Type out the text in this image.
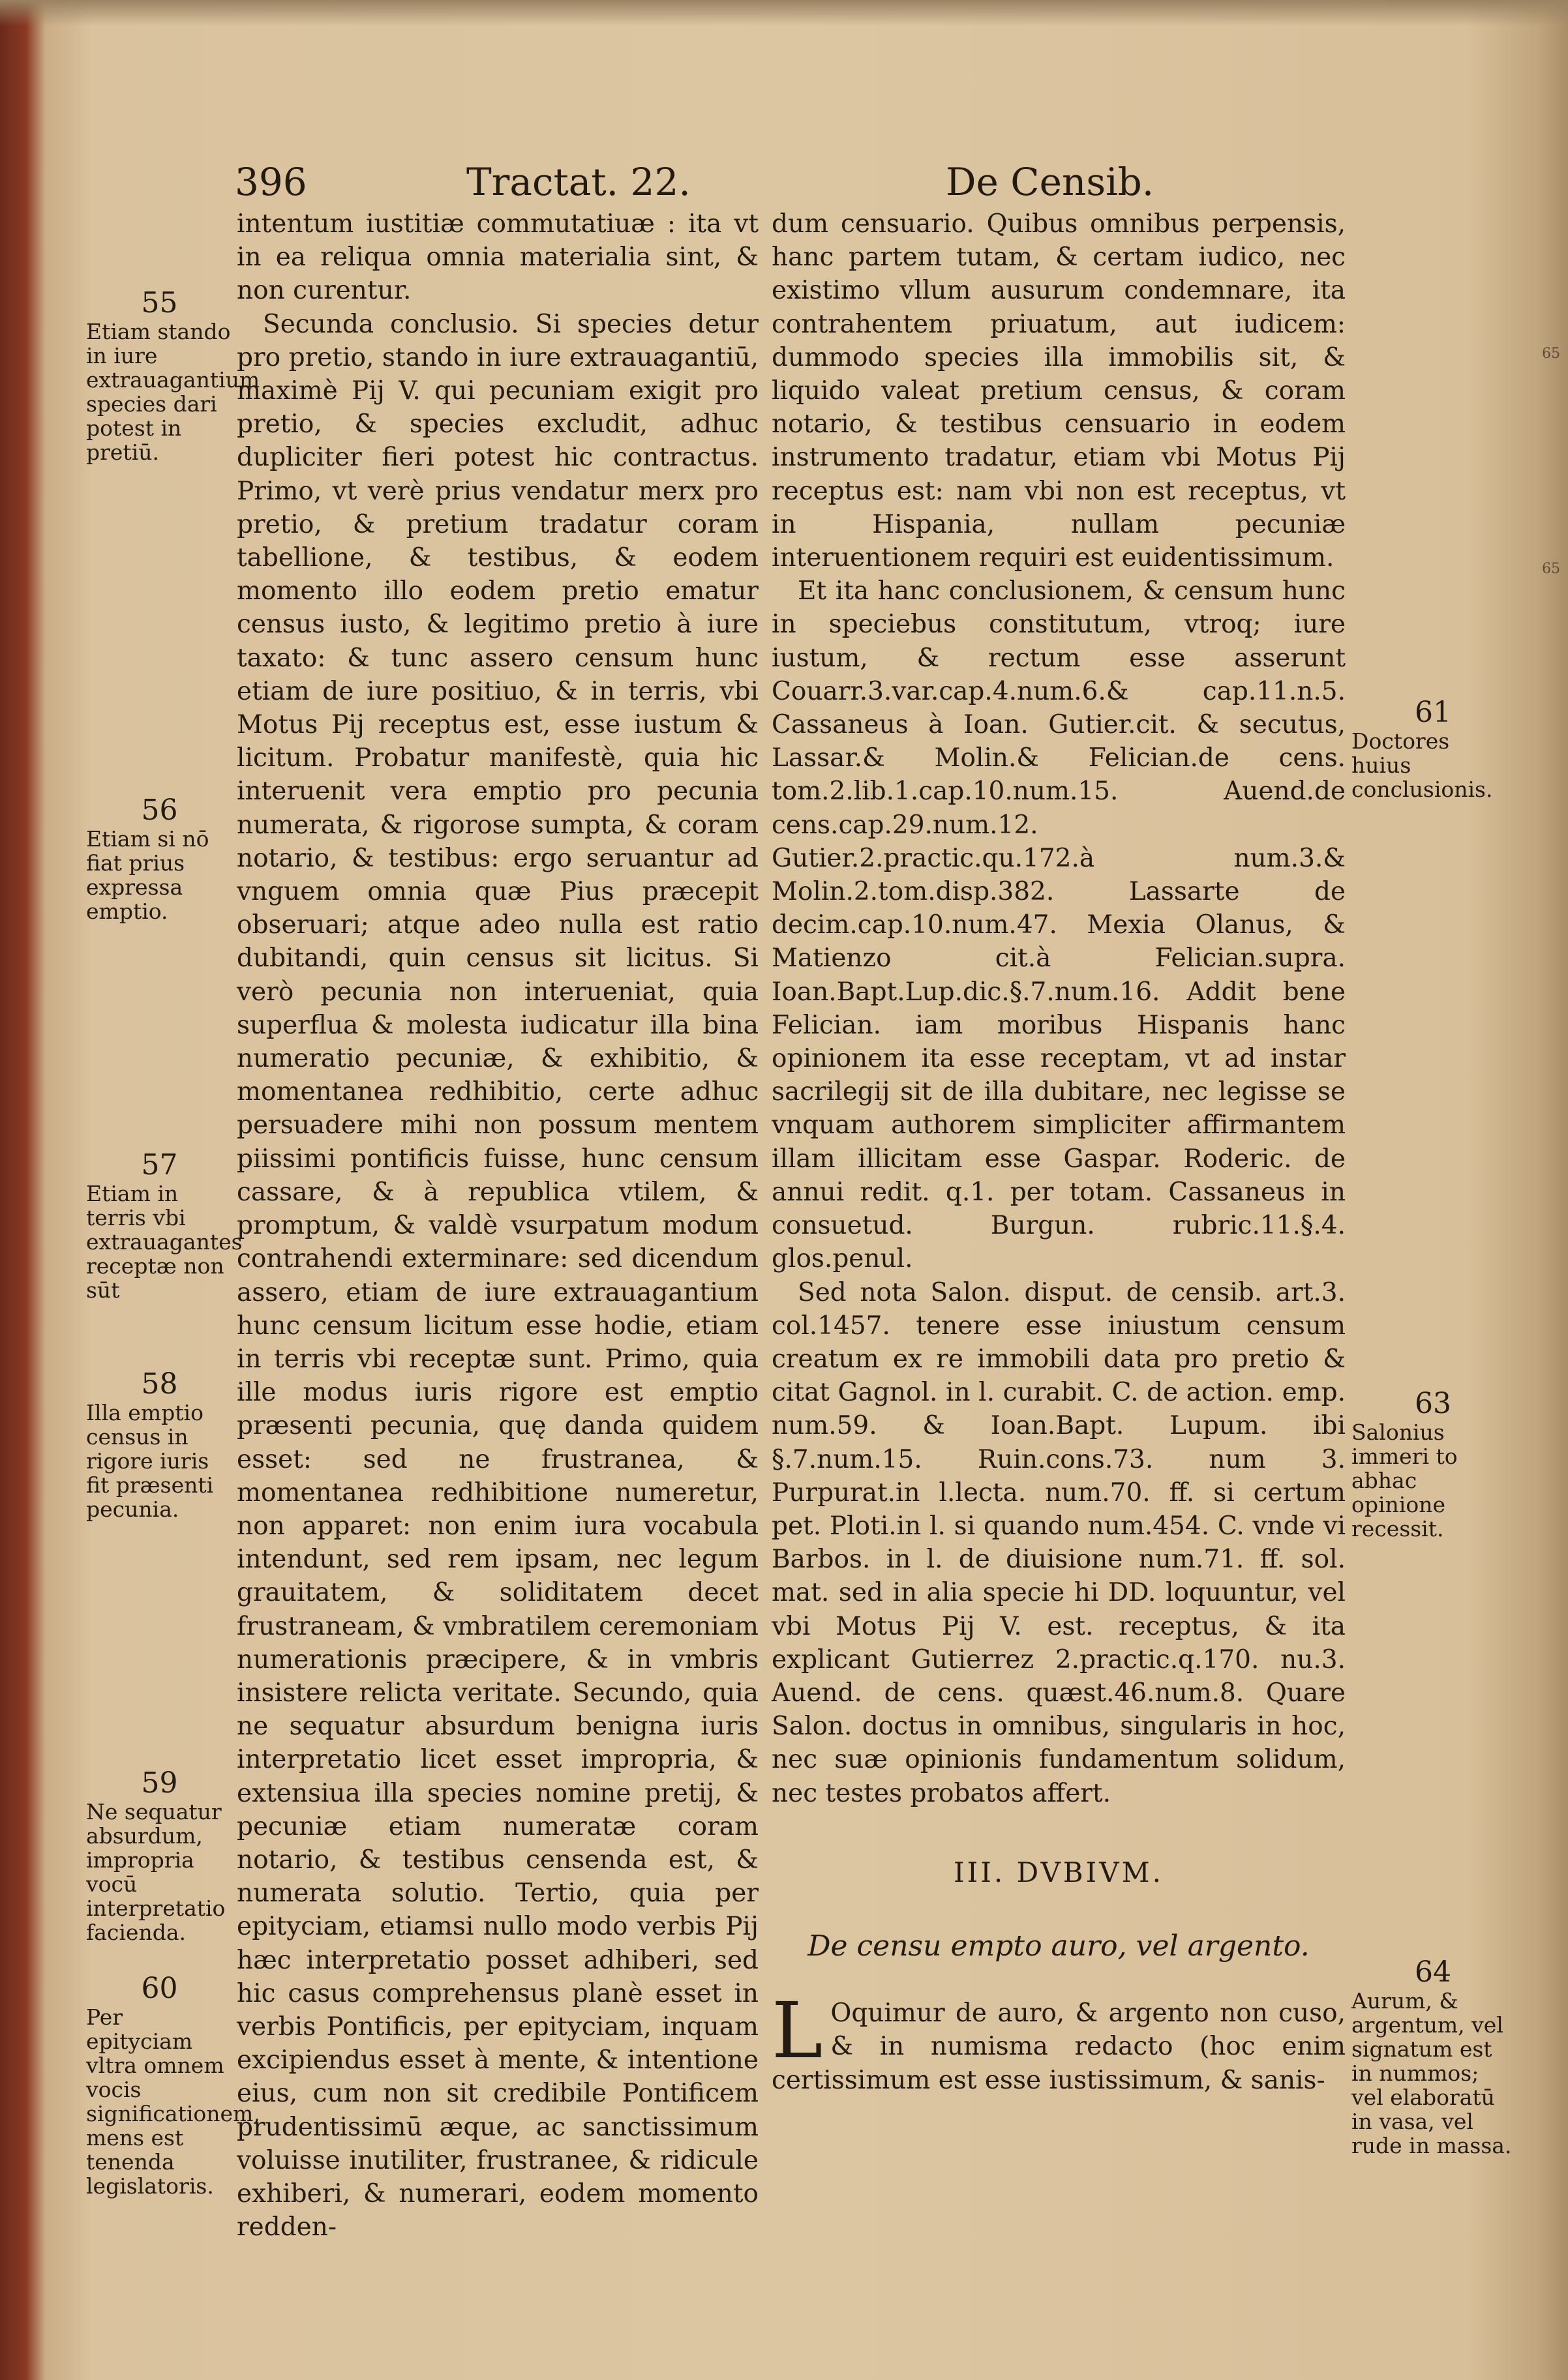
396	Tractat. 22.	De Censib.

intentum iustitiæ commutatiuæ : ita vt in ea reliqua omnia materialia sint, & non curentur.

Secunda conclusio. Si species detur pro pretio, stando in iure extrauagantiū, maximè Pij V. qui pecuniam exigit pro pretio, & species excludit, adhuc dupliciter fieri potest hic contractus. Primo, vt verè prius vendatur merx pro pretio, & pretium tradatur coram tabellione, & testibus, & eodem momento illo eodem pretio ematur census iusto, & legitimo pretio à iure taxato: & tunc assero censum hunc etiam de iure positiuo, & in terris, vbi Motus Pij receptus est, esse iustum & licitum. Probatur manifestè, quia hic interuenit vera emptio pro pecunia numerata, & rigorose sumpta, & coram notario, & testibus: ergo seruantur ad vnguem omnia quæ Pius præcepit obseruari; atque adeo nulla est ratio dubitandi, quin census sit licitus. Si verò pecunia non interueniat, quia superflua & molesta iudicatur illa bina numeratio pecuniæ, & exhibitio, & momentanea redhibitio, certe adhuc persuadere mihi non possum mentem piissimi pontificis fuisse, hunc censum cassare, & à republica vtilem, & promptum, & valdè vsurpatum modum contrahendi exterminare: sed dicendum assero, etiam de iure extrauagantium hunc censum licitum esse hodie, etiam in terris vbi receptæ sunt. Primo, quia ille modus iuris rigore est emptio præsenti pecunia, quę danda quidem esset: sed ne frustranea, & momentanea redhibitione numeretur, non apparet: non enim iura vocabula intendunt, sed rem ipsam, nec legum grauitatem, & soliditatem decet frustraneam, & vmbratilem ceremoniam numerationis præcipere, & in vmbris insistere relicta veritate. Secundo, quia ne sequatur absurdum benigna iuris interpretatio licet esset impropria, & extensiua illa species nomine pretij, & pecuniæ etiam numeratæ coram notario, & testibus censenda est, & numerata solutio. Tertio, quia per epityciam, etiamsi nullo modo verbis Pij hæc interpretatio posset adhiberi, sed hic casus comprehensus planè esset in verbis Pontificis, per epityciam, inquam excipiendus esset à mente, & intentione eius, cum non sit credibile Pontificem prudentissimū æque, ac sanctissimum voluisse inutiliter, frustranee, & ridicule exhiberi, & numerari, eodem momento redden-

dum censuario. Quibus omnibus perpensis, hanc partem tutam, & certam iudico, nec existimo vllum ausurum condemnare, ita contrahentem priuatum, aut iudicem: dummodo species illa immobilis sit, & liquido valeat pretium census, & coram notario, & testibus censuario in eodem instrumento tradatur, etiam vbi Motus Pij receptus est: nam vbi non est receptus, vt in Hispania, nullam pecuniæ interuentionem requiri est euidentissimum.

Et ita hanc conclusionem, & censum hunc in speciebus constitutum, vtroq; iure iustum, & rectum esse asserunt Couarr.3.var.cap.4.num.6.& cap.11.n.5. Cassaneus à Ioan. Gutier.cit. & secutus, Lassar.& Molin.& Felician.de cens. tom.2.lib.1.cap.10.num.15. Auend.de cens.cap.29.num.12. Gutier.2.practic.qu.172.à num.3.& Molin.2.tom.disp.382. Lassarte de decim.cap.10.num.47. Mexia Olanus, & Matienzo cit.à Felician.supra. Ioan.Bapt.Lup.dic.§.7.num.16. Addit bene Felician. iam moribus Hispanis hanc opinionem ita esse receptam, vt ad instar sacrilegij sit de illa dubitare, nec legisse se vnquam authorem simpliciter affirmantem illam illicitam esse Gaspar. Roderic. de annui redit. q.1. per totam. Cassaneus in consuetud. Burgun. rubric.11.§.4. glos.penul.

Sed nota Salon. disput. de censib. art.3. col.1457. tenere esse iniustum censum creatum ex re immobili data pro pretio & citat Gagnol. in l. curabit. C. de action. emp. num.59. & Ioan.Bapt. Lupum. ibi §.7.num.15. Ruin.cons.73. num 3. Purpurat.in l.lecta. num.70. ff. si certum pet. Ploti.in l. si quando num.454. C. vnde vi Barbos. in l. de diuisione num.71. ff. sol. mat. sed in alia specie hi DD. loquuntur, vel vbi Motus Pij V. est. receptus, & ita explicant Gutierrez 2.practic.q.170. nu.3. Auend. de cens. quæst.46.num.8. Quare Salon. doctus in omnibus, singularis in hoc, nec suæ opinionis fundamentum solidum, nec testes probatos affert.

III. DVBIVM.

De censu empto auro, vel argento.

L Oquimur de auro, & argento non cuso, & in numisma redacto (hoc enim certissimum est esse iustissimum, & sanis-

55
Etiam stando in iure extrauagantium species dari potest in pretiū.
56
Etiam si nō fiat prius expressa emptio.
57
Etiam in terris vbi extrauagantes receptæ non sūt
58
Illa emptio census in rigore iuris fit præsenti pecunia.
59
Ne sequatur absurdum, impropria vocū interpretatio facienda.
60
Per epityciam vltra omnem vocis significationem, mens est tenenda legislatoris.
61
Doctores huius conclusionis.
63
Salonius immeri to abhac opinione recessit.
64
Aurum, & argentum, vel signatum est in nummos; vel elaboratū in vasa, vel rude in massa.
65
65
